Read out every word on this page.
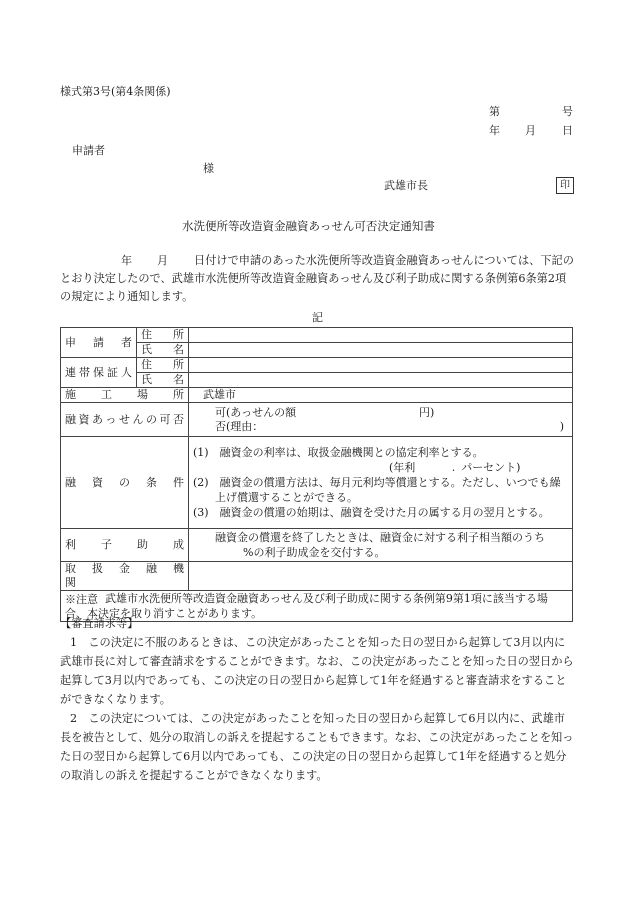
様式第3号(第4条関係)
第	号
年 月 日
申請者
様
武雄市長	印
水洗便所等改造資金融資あっせん可否決定通知書
年 月	日付けで申請のあった水洗便所等改造資金融資あっせんについては、下記のとおり決定したので、武雄市水洗便所等改造資金融資あっせん及び利子助成に関する条例第6条第2項の規定により通知します。
記
申　請　者	住　所	

	氏　名	

連帯保証人	住　所	

	氏　名	

施　工　場　所		武雄市

融資あっせんの可否		可(あっせんの額 円)
否(理由： )

融　資　の　条　件		(1)　融資金の利率は、取扱金融機関との協定利率とする。
(年利 . パーセント)
(2)　融資金の償還方法は、毎月元利均等償還とする。ただし、いつでも繰上げ償還することができる。
(3)　融資金の償還の始期は、融資を受けた月の属する月の翌月とする。

利　子　助　成		融資金の償還を終了したときは、融資金に対する利子相当額のうち
%の利子助成金を交付する。

取　扱　金　融　機　関		

※注意 武雄市水洗便所等改造資金融資あっせん及び利子助成に関する条例第9第1項に該当する場合、本決定を取り消すことがあります。		
【審査請求等】
1　 この決定に不服のあるときは、この決定があったことを知った日の翌日から起算して3月以内に武雄市長に対して審査請求をすることができます。なお、この決定があったことを知った日の翌日から起算して3月以内であっても、この決定の日の翌日から起算して1年を経過すると審査請求をすることができなくなります。
2　 この決定については、この決定があったことを知った日の翌日から起算して6月以内に、武雄市長を被告として、処分の取消しの訴えを提起することもできます。なお、この決定があったことを知った日の翌日から起算して6月以内であっても、この決定の日の翌日から起算して1年を経過すると処分の取消しの訴えを提起することができなくなります。
